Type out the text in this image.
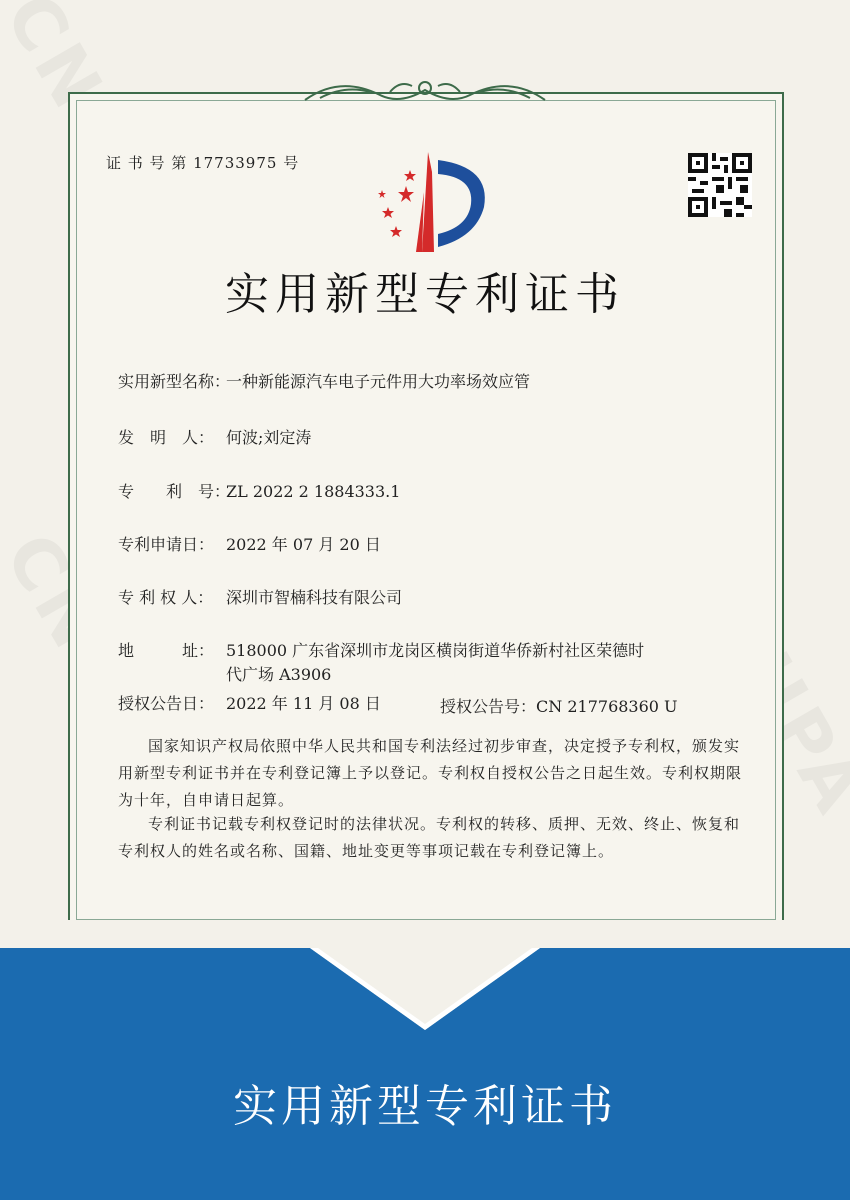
证 书 号 第 17733975 号
实用新型专利证书
实用新型名称：一种新能源汽车电子元件用大功率场效应管
发　明　人： 何波;刘定涛
专　　利　号：ZL 2022 2 1884333.1
专利申请日： 2022 年 07 月 20 日
专 利 权 人： 深圳市智楠科技有限公司
地　　　址： 518000 广东省深圳市龙岗区横岗街道华侨新村社区荣德时代广场 A3906
授权公告日： 2022 年 11 月 08 日	授权公告号：CN 217768360 U
国家知识产权局依照中华人民共和国专利法经过初步审查，决定授予专利权，颁发实用新型专利证书并在专利登记簿上予以登记。专利权自授权公告之日起生效。专利权期限为十年，自申请日起算。
专利证书记载专利权登记时的法律状况。专利权的转移、质押、无效、终止、恢复和专利权人的姓名或名称、国籍、地址变更等事项记载在专利登记簿上。
实用新型专利证书
